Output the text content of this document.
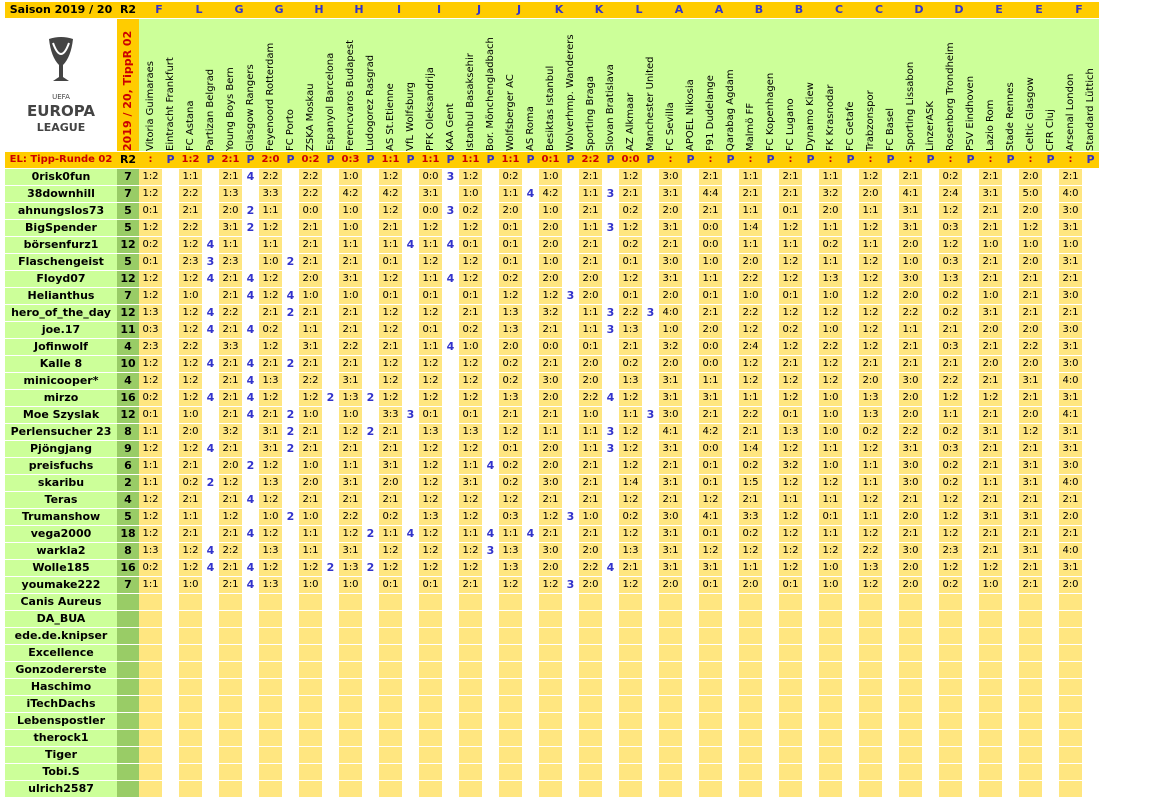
Saison 2019 / 20	R2	F		L		G		G		H		H		I		I		J		J		K		K		L		A		A		B		B		C		C		D		D		E		E		F	

UEFA
EUROPA
LEAGUE	2019 / 20, TippR 02	Vitoria Guimaraes	Eintracht Frankfurt	FC Astana	Partizan Belgrad	Young Boys Bern	Glasgow Rangers	Feyenoord Rotterdam	FC Porto	ZSKA Moskau	Espanyol Barcelona	Ferencvaros Budapest	Ludogorez Rasgrad	AS St.Etienne	VfL Wolfsburg	PFK Oleksandrija	KAA Gent	Istanbul Basaksehir	Bor. Mönchengladbach	Wolfsberger AC	AS Roma	Besiktas Istanbul	Wolverhmp. Wanderers	Sporting Braga	Slovan Bratislava	AZ Alkmaar	Manchester United	FC Sevilla	APOEL Nikosia	F91 Dudelange	Qarabag Agdam	Malmö FF	FC Kopenhagen	FC Lugano	Dynamo Kiew	FK Krasnodar	FC Getafe	Trabzonspor	FC Basel	Sporting Lissabon	LinzerASK	Rosenborg Trondheim	PSV Eindhoven	Lazio Rom	Stade Rennes	Celtic Glasgow	CFR Cluj	Arsenal London	Standard Lüttich

EL: Tipp-Runde 02	R2	:	P	1:2	P	2:1	P	2:0	P	0:2	P	0:3	P	1:1	P	1:1	P	1:1	P	1:1	P	0:1	P	2:2	P	0:0	P	:	P	:	P	:	P	:	P	:	P	:	P	:	P	:	P	:	P	:	P	:	P
0risk0fun	7	1:2		1:1		2:1	4	2:2		2:2		1:0		1:2		0:0	3	1:2		0:2		1:0		2:1		1:2		3:0		2:1		1:1		2:1		1:1		1:2		2:1		0:2		2:1		2:0		2:1	
38downhill	7	1:2		2:2		1:3		3:3		2:2		4:2		4:2		3:1		1:0		1:1	4	4:2		1:1	3	2:1		3:1		4:4		2:1		2:1		3:2		2:0		4:1		2:4		3:1		5:0		4:0	
ahnungslos73	5	0:1		2:1		2:0	2	1:1		0:0		1:0		1:2		0:0	3	0:2		2:0		1:0		2:1		0:2		2:0		2:1		1:1		0:1		2:0		1:1		3:1		1:2		2:1		2:0		3:0	
BigSpender	5	1:2		2:2		3:1	2	1:2		2:1		1:0		2:1		1:2		1:2		0:1		2:0		1:1	3	1:2		3:1		0:0		1:4		1:2		1:1		1:2		3:1		0:3		2:1		1:2		3:1	
börsenfurz1	12	0:2		1:2	4	1:1		1:1		2:1		1:1		1:1	4	1:1	4	0:1		0:1		2:0		2:1		0:2		2:1		0:0		1:1		1:1		0:2		1:1		2:0		1:2		1:0		1:0		1:0	
Flaschengeist	5	0:1		2:3	3	2:3		1:0	2	2:1		2:1		0:1		1:2		1:2		0:1		1:0		2:1		0:1		3:0		1:0		2:0		1:2		1:1		1:2		1:0		0:3		2:1		2:0		3:1	
Floyd07	12	1:2		1:2	4	2:1	4	1:2		2:0		3:1		1:2		1:1	4	1:2		0:2		2:0		2:0		1:2		3:1		1:1		2:2		1:2		1:3		1:2		3:0		1:3		2:1		2:1		2:1	
Helianthus	7	1:2		1:0		2:1	4	1:2	4	1:0		1:0		0:1		0:1		0:1		1:2		1:2	3	2:0		0:1		2:0		0:1		1:0		0:1		1:0		1:2		2:0		0:2		1:0		2:1		3:0	
hero_of_the_day	12	1:3		1:2	4	2:2		2:1	2	2:1		2:1		1:2		1:2		2:1		1:3		3:2		1:1	3	2:2	3	4:0		2:1		2:2		1:2		1:2		1:2		2:2		0:2		3:1		2:1		2:1	
joe.17	11	0:3		1:2	4	2:1	4	0:2		1:1		2:1		1:2		0:1		0:2		1:3		2:1		1:1	3	1:3		1:0		2:0		1:2		0:2		1:0		1:2		1:1		2:1		2:0		2:0		3:0	
Jofinwolf	4	2:3		2:2		3:3		1:2		3:1		2:2		2:1		1:1	4	1:0		2:0		0:0		0:1		2:1		3:2		0:0		2:4		1:2		2:2		1:2		2:1		0:3		2:1		2:2		3:1	
Kalle 8	10	1:2		1:2	4	2:1	4	2:1	2	2:1		2:1		1:2		1:2		1:2		0:2		2:1		2:0		0:2		2:0		0:0		1:2		2:1		1:2		2:1		2:1		2:1		2:0		2:0		3:0	
minicooper*	4	1:2		1:2		2:1	4	1:3		2:2		3:1		1:2		1:2		1:2		0:2		3:0		2:0		1:3		3:1		1:1		1:2		1:2		1:2		2:0		3:0		2:2		2:1		3:1		4:0	
mirzo	16	0:2		1:2	4	2:1	4	1:2		1:2	2	1:3	2	1:2		1:2		1:2		1:3		2:0		2:2	4	1:2		3:1		3:1		1:1		1:2		1:0		1:3		2:0		1:2		1:2		2:1		3:1	
Moe Szyslak	12	0:1		1:0		2:1	4	2:1	2	1:0		1:0		3:3	3	0:1		0:1		2:1		2:1		1:0		1:1	3	3:0		2:1		2:2		0:1		1:0		1:3		2:0		1:1		2:1		2:0		4:1	
Perlensucher 23	8	1:1		2:0		3:2		3:1	2	2:1		1:2	2	2:1		1:3		1:3		1:2		1:1		1:1	3	1:2		4:1		4:2		2:1		1:3		1:0		0:2		2:2		0:2		3:1		1:2		3:1	
Pjöngjang	9	1:2		1:2	4	2:1		3:1	2	2:1		2:1		2:1		1:2		1:2		0:1		2:0		1:1	3	1:2		3:1		0:0		1:4		1:2		1:1		1:2		3:1		0:3		2:1		2:1		3:1	
preisfuchs	6	1:1		2:1		2:0	2	1:2		1:0		1:1		3:1		1:2		1:1	4	0:2		2:0		2:1		1:2		2:1		0:1		0:2		3:2		1:0		1:1		3:0		0:2		2:1		3:1		3:0	
skaribu	2	1:1		0:2	2	1:2		1:3		2:0		3:1		2:0		1:2		3:1		0:2		3:0		2:1		1:4		3:1		0:1		1:5		1:2		1:2		1:1		3:0		0:2		1:1		3:1		4:0	
Teras	4	1:2		2:1		2:1	4	1:2		2:1		2:1		2:1		1:2		1:2		1:2		2:1		2:1		1:2		2:1		1:2		2:1		1:1		1:1		1:2		2:1		1:2		2:1		2:1		2:1	
Trumanshow	5	1:2		1:1		1:2		1:0	2	1:0		2:2		0:2		1:3		1:2		0:3		1:2	3	1:0		0:2		3:0		4:1		3:3		1:2		0:1		1:1		2:0		1:2		3:1		3:1		2:0	
vega2000	18	1:2		2:1		2:1	4	1:2		1:1		1:2	2	1:1	4	1:2		1:1	4	1:1	4	2:1		2:1		1:2		3:1		0:1		0:2		1:2		1:1		1:2		2:1		1:2		2:1		2:1		2:1	
warkla2	8	1:3		1:2	4	2:2		1:3		1:1		3:1		1:2		1:2		1:2	3	1:3		3:0		2:0		1:3		3:1		1:2		1:2		1:2		1:2		2:2		3:0		2:3		2:1		3:1		4:0	
Wolle185	16	0:2		1:2	4	2:1	4	1:2		1:2	2	1:3	2	1:2		1:2		1:2		1:3		2:0		2:2	4	2:1		3:1		3:1		1:1		1:2		1:0		1:3		2:0		1:2		1:2		2:1		3:1	
youmake222	7	1:1		1:0		2:1	4	1:3		1:0		1:0		0:1		0:1		2:1		1:2		1:2	3	2:0		1:2		2:0		0:1		2:0		0:1		1:0		1:2		2:0		0:2		1:0		2:1		2:0	
Canis Aureus																																																	
DA_BUA																																																	
ede.de.knipser																																																	
Excellence																																																	
Gonzodererste																																																	
Haschimo																																																	
iTechDachs																																																	
Lebenspostler																																																	
therock1																																																	
Tiger																																																	
Tobi.S																																																	
ulrich2587																																																	
